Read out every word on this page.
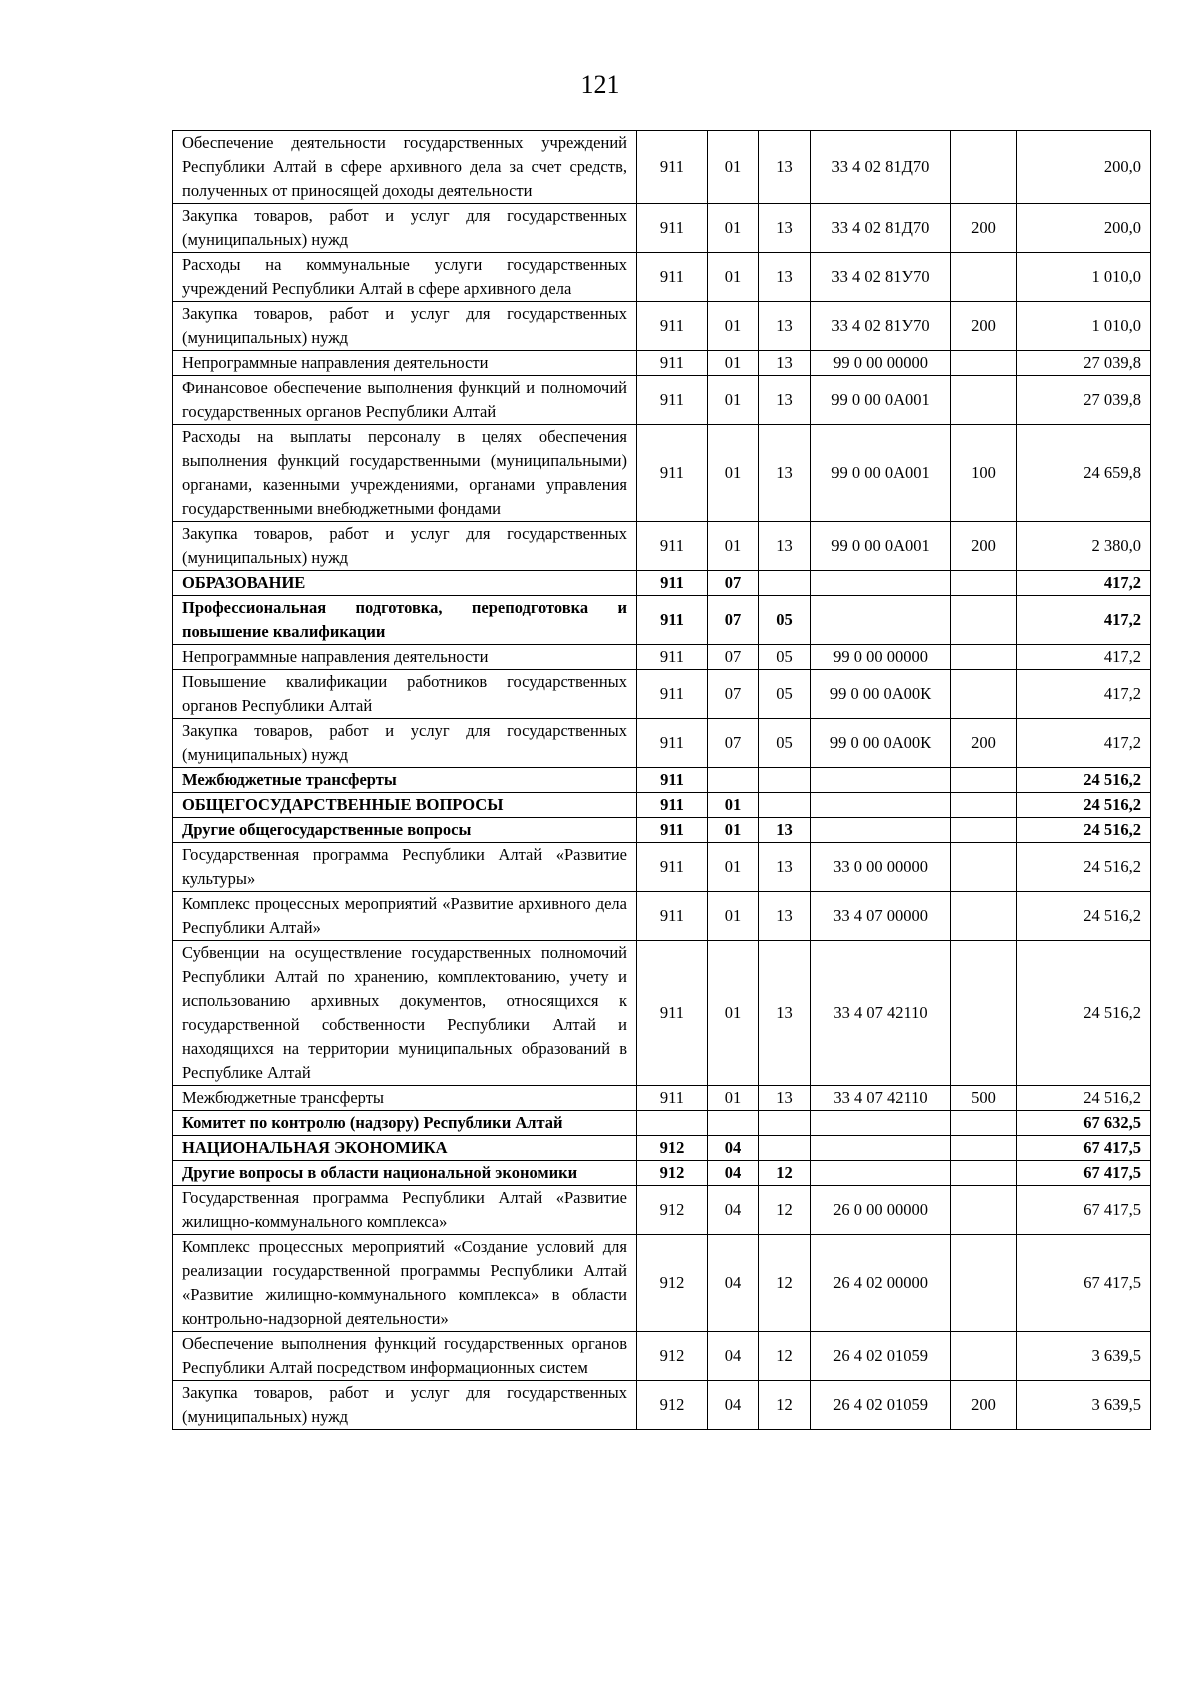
121
Обеспечение деятельности государственных учреждений Республики Алтай в сфере архивного дела за счет средств, полученных от приносящей доходы деятельности	911	01	13	33 4 02 81Д70		200,0
Закупка товаров, работ и услуг для государственных (муниципальных) нужд	911	01	13	33 4 02 81Д70	200	200,0
Расходы на коммунальные услуги государственных учреждений Республики Алтай в сфере архивного дела	911	01	13	33 4 02 81У70		1 010,0
Закупка товаров, работ и услуг для государственных (муниципальных) нужд	911	01	13	33 4 02 81У70	200	1 010,0
Непрограммные направления деятельности	911	01	13	99 0 00 00000		27 039,8
Финансовое обеспечение выполнения функций и полномочий государственных органов Республики Алтай	911	01	13	99 0 00 0А001		27 039,8
Расходы на выплаты персоналу в целях обеспечения выполнения функций государственными (муниципальными) органами, казенными учреждениями, органами управления государственными внебюджетными фондами	911	01	13	99 0 00 0А001	100	24 659,8
Закупка товаров, работ и услуг для государственных (муниципальных) нужд	911	01	13	99 0 00 0А001	200	2 380,0
ОБРАЗОВАНИЕ	911	07				417,2
Профессиональная подготовка, переподготовка и повышение квалификации	911	07	05			417,2
Непрограммные направления деятельности	911	07	05	99 0 00 00000		417,2
Повышение квалификации работников государственных органов Республики Алтай	911	07	05	99 0 00 0А00К		417,2
Закупка товаров, работ и услуг для государственных (муниципальных) нужд	911	07	05	99 0 00 0А00К	200	417,2
Межбюджетные трансферты	911					24 516,2
ОБЩЕГОСУДАРСТВЕННЫЕ ВОПРОСЫ	911	01				24 516,2
Другие общегосударственные вопросы	911	01	13			24 516,2
Государственная программа Республики Алтай «Развитие культуры»	911	01	13	33 0 00 00000		24 516,2
Комплекс процессных мероприятий «Развитие архивного дела Республики Алтай»	911	01	13	33 4 07 00000		24 516,2
Субвенции на осуществление государственных полномочий Республики Алтай по хранению, комплектованию, учету и использованию архивных документов, относящихся к государственной собственности Республики Алтай и находящихся на территории муниципальных образований в Республике Алтай	911	01	13	33 4 07 42110		24 516,2
Межбюджетные трансферты	911	01	13	33 4 07 42110	500	24 516,2
Комитет по контролю (надзору) Республики Алтай						67 632,5
НАЦИОНАЛЬНАЯ ЭКОНОМИКА	912	04				67 417,5
Другие вопросы в области национальной экономики	912	04	12			67 417,5
Государственная программа Республики Алтай «Развитие жилищно-коммунального комплекса»	912	04	12	26 0 00 00000		67 417,5
Комплекс процессных мероприятий «Создание условий для реализации государственной программы Республики Алтай «Развитие жилищно-коммунального комплекса» в области контрольно-надзорной деятельности»	912	04	12	26 4 02 00000		67 417,5
Обеспечение выполнения функций государственных органов Республики Алтай посредством информационных систем	912	04	12	26 4 02 01059		3 639,5
Закупка товаров, работ и услуг для государственных (муниципальных) нужд	912	04	12	26 4 02 01059	200	3 639,5
